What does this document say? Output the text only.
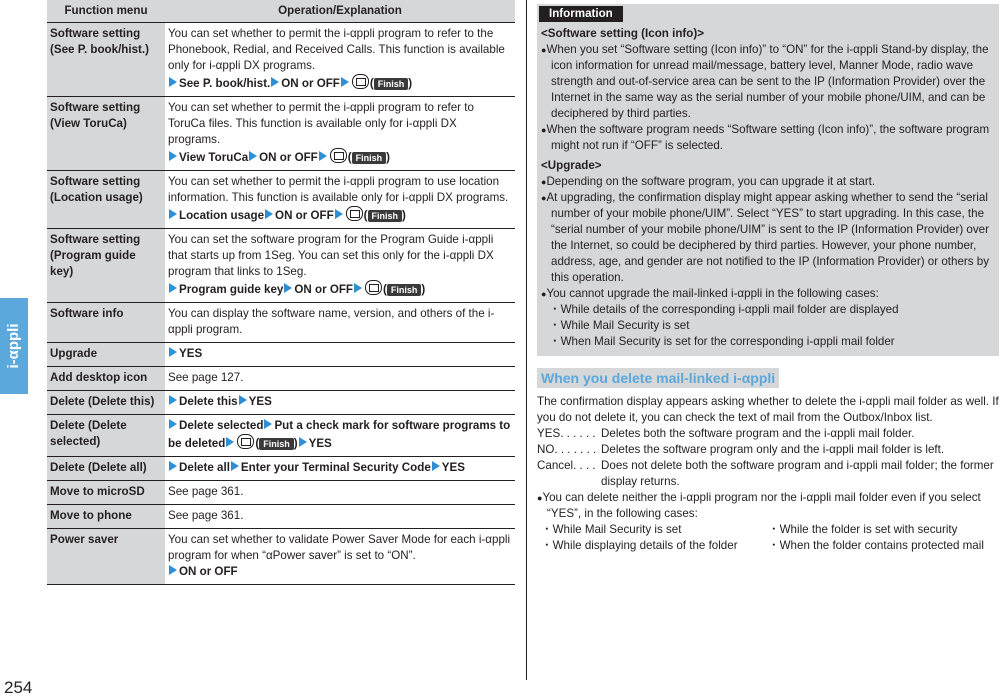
i-αppli
254
Function menu	Operation/Explanation
Software setting (See P. book/hist.)	You can set whether to permit the i-αppli program to refer to the Phonebook, Redial, and Received Calls. This function is available only for i-αppli DX programs.
See P. book/hist. ON or OFF ( Finish )
Software setting (View ToruCa)	You can set whether to permit the i-αppli program to refer to ToruCa files. This function is available only for i-αppli DX programs.
View ToruCa ON or OFF ( Finish )
Software setting (Location usage)	You can set whether to permit the i-αppli program to use location information. This function is available only for i-αppli DX programs.
Location usage ON or OFF ( Finish )
Software setting (Program guide key)	You can set the software program for the Program Guide i-αppli that starts up from 1Seg. You can set this only for the i-αppli DX program that links to 1Seg.
Program guide key ON or OFF ( Finish )
Software info	You can display the software name, version, and others of the i-αppli program.
Upgrade	YES
Add desktop icon	See page 127.
Delete (Delete this)	Delete this YES
Delete (Delete selected)	Delete selected Put a check mark for software programs to be deleted ( Finish ) YES
Delete (Delete all)	Delete all Enter your Terminal Security Code YES
Move to microSD	See page 361.
Move to phone	See page 361.
Power saver	You can set whether to validate Power Saver Mode for each i-αppli program for when “αPower saver” is set to “ON”.
ON or OFF
Information

<Software setting (Icon info)>

●When you set “Software setting (Icon info)” to “ON” for the i-αppli Stand-by display, the icon information for unread mail/message, battery level, Manner Mode, radio wave strength and out-of-service area can be sent to the IP (Information Provider) over the Internet in the same way as the serial number of your mobile phone/UIM, and can be deciphered by third parties.

●When the software program needs “Software setting (Icon info)”, the software program might not run if “OFF” is selected.

<Upgrade>

●Depending on the software program, you can upgrade it at start.

●At upgrading, the confirmation display might appear asking whether to send the “serial number of your mobile phone/UIM”. Select “YES” to start upgrading. In this case, the “serial number of your mobile phone/UIM” is sent to the IP (Information Provider) over the Internet, so could be deciphered by third parties. However, your phone number, address, age, and gender are not notified to the IP (Information Provider) or others by this operation.

●You cannot upgrade the mail-linked i-αppli in the following cases:

・While details of the corresponding i-αppli mail folder are displayed

・While Mail Security is set

・When Mail Security is set for the corresponding i-αppli mail folder

When you delete mail-linked i-αppli

The confirmation display appears asking whether to delete the i-αppli mail folder as well. If you do not delete it, you can check the text of mail from the Outbox/Inbox list.

YES. . . . . . Deletes both the software program and the i-αppli mail folder.
NO. . . . . . . Deletes the software program only and the i-αppli mail folder is left.
Cancel. . . . Does not delete both the software program and i-αppli mail folder; the former display returns.

●You can delete neither the i-αppli program nor the i-αppli mail folder even if you select “YES”, in the following cases:

・While Mail Security is set	・While the folder is set with security
・While displaying details of the folder	・When the folder contains protected mail
